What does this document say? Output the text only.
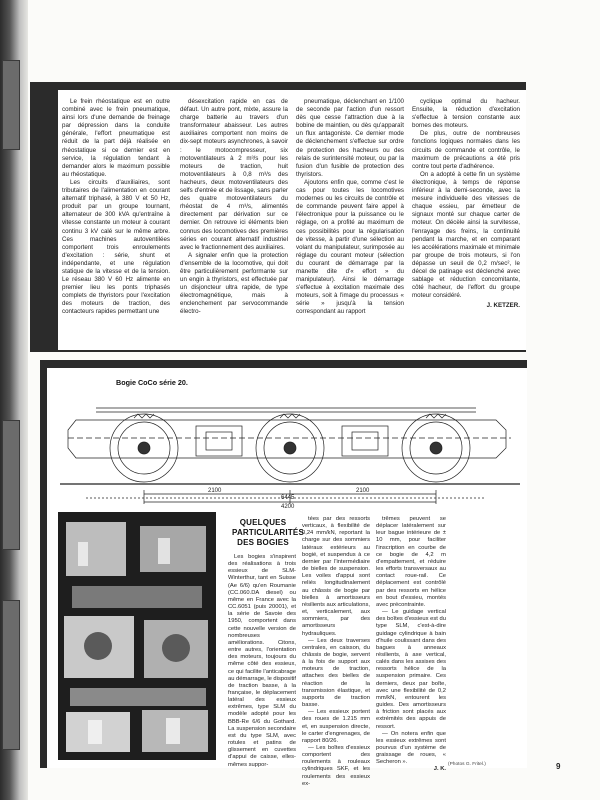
Le frein rhéostatique est en outre combiné avec le frein pneumatique, ainsi lors d'une demande de freinage par dépression dans la conduite générale, l'effort pneumatique est réduit de la part déjà réalisée en rhéostatique si ce dernier est en service, la régulation tendant à demander alors le maximum possible au rhéostatique.

Les circuits d'auxiliaires, sont tributaires de l'alimentation en courant alternatif triphasé, à 380 V et 50 Hz, produit par un groupe tournant, alternateur de 300 kVA qu'entraîne à vitesse constante un moteur à courant continu 3 kV calé sur le même arbre. Ces machines autoventilées comportent trois enroulements d'excitation : série, shunt et indépendante, et une régulation statique de la vitesse et de la tension. Le réseau 380 V 60 Hz alimente en premier lieu les ponts triphasés complets de thyristors pour l'excitation des moteurs de traction, des contacteurs rapides permettant une

désexcitation rapide en cas de défaut. Un autre pont, mixte, assure la charge batterie au travers d'un transformateur abaisseur. Les autres auxiliaires comportent non moins de dix-sept moteurs asynchrones, à savoir : le motocompresseur, six motoventilateurs à 2 m³/s pour les moteurs de traction, huit motoventilateurs à 0,8 m³/s des hacheurs, deux motoventilateurs des selfs d'entrée et de lissage, sans parler des quatre motoventilateurs du rhéostat de 4 m³/s, alimentés directement par dérivation sur ce dernier. On retrouve ici éléments bien connus des locomotives des premières séries en courant alternatif industriel avec le fractionnement des auxiliaires.

A signaler enfin que la protection d'ensemble de la locomotive, qui doit être particulièrement performante sur un engin à thyristors, est effectuée par un disjoncteur ultra rapide, de type électromagnétique, mais à enclenchement par servocommande électro-

pneumatique, déclenchant en 1/100 de seconde par l'action d'un ressort dès que cesse l'attraction due à la bobine de maintien, ou dès qu'apparaît un flux antagoniste. Ce dernier mode de déclenchement s'effectue sur ordre de protection des hacheurs ou des relais de surintensité moteur, ou par la fusion d'un fusible de protection des thyristors.

Ajoutons enfin que, comme c'est le cas pour toutes les locomotives modernes ou les circuits de contrôle et de commande peuvent faire appel à l'électronique pour la puissance ou le réglage, on a profité au maximum de ces possibilités pour la régularisation de vitesse, à partir d'une sélection au volant du manipulateur, surimposée au réglage du courant moteur (sélection du courant de démarrage par la manette dite d'« effort » du manipulateur). Ainsi le démarrage s'effectue à excitation maximale des moteurs, soit à l'image du processus « série » jusqu'à la tension correspondant au rapport

cyclique optimal du hacheur. Ensuite, la réduction d'excitation s'effectue à tension constante aux bornes des moteurs.

De plus, outre de nombreuses fonctions logiques normales dans les circuits de commande et contrôle, le maximum de précautions a été pris contre tout perte d'adhérence.

On a adopté à cette fin un système électronique, à temps de réponse inférieur à la demi-seconde, avec la mesure individuelle des vitesses de chaque essieu, par émetteur de signaux monté sur chaque carter de moteur. On décèle ainsi la survitesse, l'enrayage des freins, la continuité pendant la marche, et en comparant les accélérations maximale et minimale par groupe de trois moteurs, si l'on dépasse un seuil de 0,2 m/sec², le décel de patinage est déclenché avec sablage et réduction concomitante, côté hacheur, de l'effort du groupe moteur considéré.

J. KETZER.
Bogie CoCo série 20.
2100	2100
4200
6445
QUELQUES
PARTICULARITÉS
DES BOGIES

Les bogies s'inspirent des réalisations à trois essieux de SLM-Winterthur, tant en Suisse (Ae 6/6) qu'en Roumanie (CC.060.DA diesel) ou même en France avec la CC.6051 (puis 20001), et la série de Savoie des 1950, comportent dans cette nouvelle version de nombreuses améliorations. Citons, entre autres, l'orientation des moteurs, toujours du même côté des essieux, ce qui facilite l'anticabrage au démarrage, le dispositif de traction basse, à la française, le déplacement latéral des essieux extrêmes, type SLM du modèle adopté pour les BBB-Re 6/6 du Gothard. La suspension secondaire est du type SLM, avec rotules et patins de glissement en cuvettes d'appui de caisse, elles-mêmes suppor-

tées par des ressorts verticaux, à flexibilité de 0,24 mm/kN, reportant la charge sur des sommiers latéraux extérieurs au bogié, et suspendus à ce dernier par l'intermédiaire de bielles de suspension. Les voiles d'appui sont reliés longitudinalement au châssis de bogie par bielles à amortisseurs résilients aux articulations, et, verticalement, aux sommiers, par des amortisseurs hydrauliques.

— Les deux traverses centrales, en caisson, du châssis de bogie, servent à la fois de support aux moteurs de traction, attaches des bielles de réaction de la transmission élastique, et supports de traction basse.

— Les essieux portent des roues de 1.215 mm et, en suspension directe, le carter d'engrenages, de rapport 80/26.

— Les boîtes d'essieux comportent des roulements à rouleaux cylindriques SKF, et les roulements des essieux ex-

trêmes peuvent se déplacer latéralement sur leur bague intérieure de ± 10 mm, pour faciliter l'inscription en courbe de ce bogie de 4,2 m d'empattement, et réduire les efforts transversaux au contact roue-rail. Ce déplacement est contrôlé par des ressorts en hélice en bout d'essieu, montés avec précontrainte.

— Le guidage vertical des boîtes d'essieux est du type SLM, c'est-à-dire guidage cylindrique à bain d'huile coulissant dans des bagues à anneaux résilients, à axe vertical, calés dans les assises des ressorts hélice de la suspension primaire. Ces derniers, deux par boîte, avec une flexibilité de 0,2 mm/kN, entourent les guides. Des amortisseurs à friction sont placés aux extrémités des appuis de ressort.

— On notera enfin que les essieux extrêmes sont pourvus d'un système de graissage de roues, « Secheron ».

J. K.
(Photos G. Fritel.)	9
